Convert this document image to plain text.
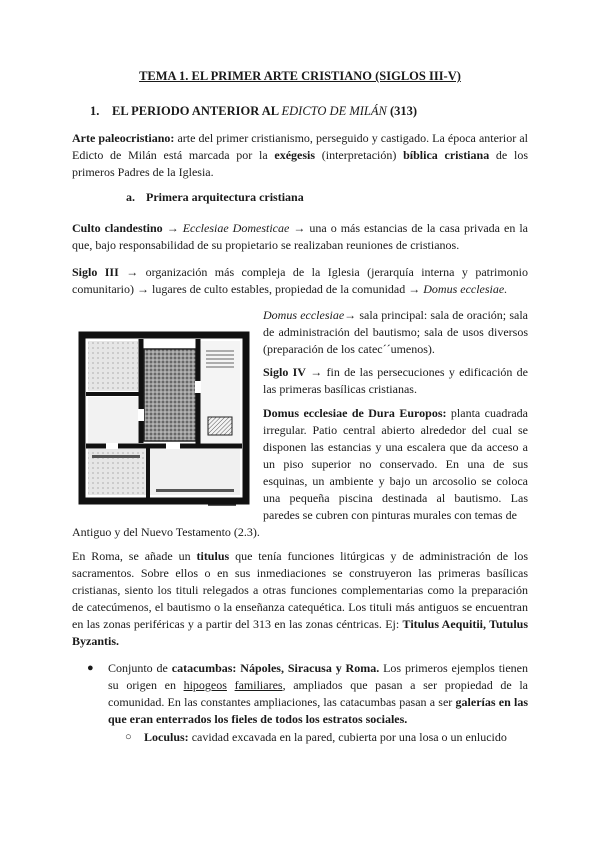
TEMA 1. EL PRIMER ARTE CRISTIANO (SIGLOS III-V)
1. EL PERIODO ANTERIOR AL EDICTO DE MILÁN (313)
Arte paleocristiano: arte del primer cristianismo, perseguido y castigado. La época anterior al Edicto de Milán está marcada por la exégesis (interpretación) bíblica cristiana de los primeros Padres de la Iglesia.
a. Primera arquitectura cristiana
Culto clandestino → Ecclesiae Domesticae → una o más estancias de la casa privada en la que, bajo responsabilidad de su propietario se realizaban reuniones de cristianos.
Siglo III → organización más compleja de la Iglesia (jerarquía interna y patrimonio comunitario) → lugares de culto estables, propiedad de la comunidad → Domus ecclesiae.
Domus ecclesiae→ sala principal: sala de oración; sala de administración del bautismo; sala de usos diversos (preparación de los catec´´umenos).
Siglo IV → fin de las persecuciones y edificación de las primeras basílicas cristianas.
Domus ecclesiae de Dura Europos: planta cuadrada irregular. Patio central abierto alrededor del cual se disponen las estancias y una escalera que da acceso a un piso superior no conservado. En una de sus esquinas, un ambiente y bajo un arcosolio se coloca una pequeña piscina destinada al bautismo. Las paredes se cubren con pinturas murales con temas de
Antiguo y del Nuevo Testamento (2.3).
En Roma, se añade un titulus que tenía funciones litúrgicas y de administración de los sacramentos. Sobre ellos o en sus inmediaciones se construyeron las primeras basílicas cristianas, siento los tituli relegados a otras funciones complementarias como la preparación de catecúmenos, el bautismo o la enseñanza catequética. Los tituli más antiguos se encuentran en las zonas periféricas y a partir del 313 en las zonas céntricas. Ej: Titulus Aequitii, Tutulus Byzantis.
● Conjunto de catacumbas: Nápoles, Siracusa y Roma. Los primeros ejemplos tienen su origen en hipogeos familiares, ampliados que pasan a ser propiedad de la comunidad. En las constantes ampliaciones, las catacumbas pasan a ser galerías en las que eran enterrados los fieles de todos los estratos sociales.
○ Loculus: cavidad excavada en la pared, cubierta por una losa o un enlucido
